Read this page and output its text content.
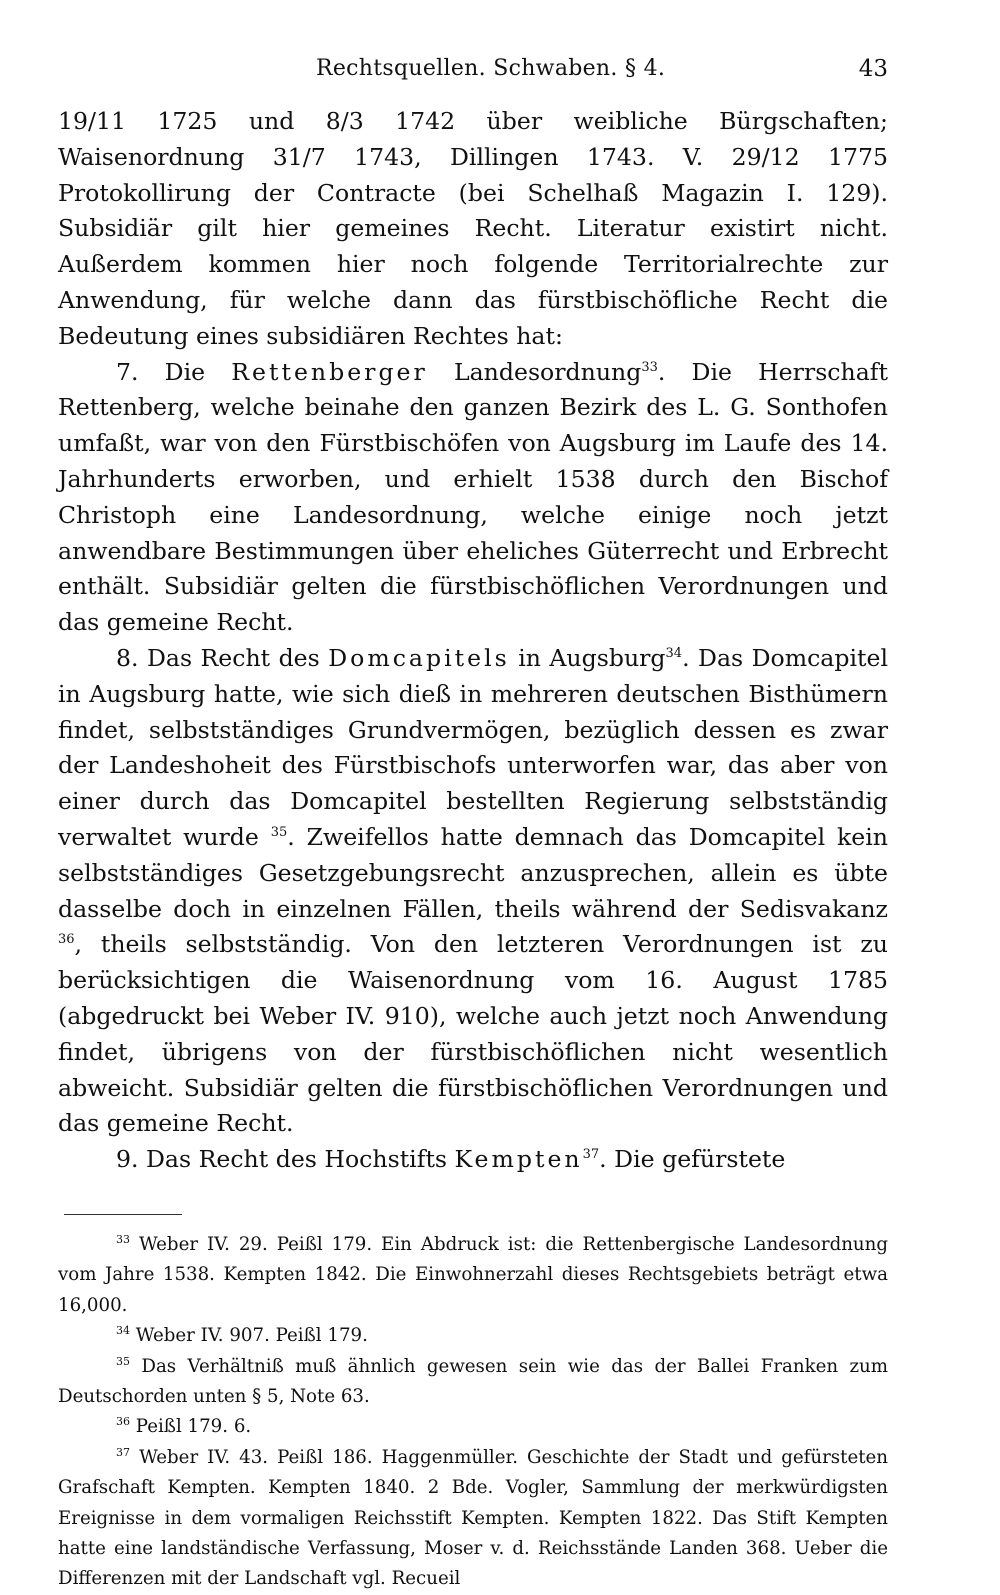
Rechtsquellen. Schwaben. § 4.	43

19/11 1725 und 8/3 1742 über weibliche Bürgschaften; Waisenordnung 31/7 1743, Dillingen 1743. V. 29/12 1775 Protokollirung der Contracte (bei Schelhaß Magazin I. 129). Subsidiär gilt hier gemeines Recht. Literatur existirt nicht. Außerdem kommen hier noch folgende Territorialrechte zur Anwendung, für welche dann das fürstbischöfliche Recht die Bedeutung eines subsidiären Rechtes hat:

7. Die Rettenberger Landesordnung$^{33}$. Die Herrschaft Rettenberg, welche beinahe den ganzen Bezirk des L. G. Sonthofen umfaßt, war von den Fürstbischöfen von Augsburg im Laufe des 14. Jahrhunderts erworben, und erhielt 1538 durch den Bischof Christoph eine Landesordnung, welche einige noch jetzt anwendbare Bestimmungen über eheliches Güterrecht und Erbrecht enthält. Subsidiär gelten die fürstbischöflichen Verordnungen und das gemeine Recht.

8. Das Recht des Domcapitels in Augsburg$^{34}$. Das Domcapitel in Augsburg hatte, wie sich dieß in mehreren deutschen Bisthümern findet, selbstständiges Grundvermögen, bezüglich dessen es zwar der Landeshoheit des Fürstbischofs unterworfen war, das aber von einer durch das Domcapitel bestellten Regierung selbstständig verwaltet wurde $^{35}$. Zweifellos hatte demnach das Domcapitel kein selbstständiges Gesetzgebungsrecht anzusprechen, allein es übte dasselbe doch in einzelnen Fällen, theils während der Sedisvakanz $^{36}$, theils selbstständig. Von den letzteren Verordnungen ist zu berücksichtigen die Waisenordnung vom 16. August 1785 (abgedruckt bei Weber IV. 910), welche auch jetzt noch Anwendung findet, übrigens von der fürstbischöflichen nicht wesentlich abweicht. Subsidiär gelten die fürstbischöflichen Verordnungen und das gemeine Recht.

9. Das Recht des Hochstifts Kempten$^{37}$. Die gefürstete

$^{33}$ Weber IV. 29. Peißl 179. Ein Abdruck ist: die Rettenbergische Landesordnung vom Jahre 1538. Kempten 1842. Die Einwohnerzahl dieses Rechtsgebiets beträgt etwa 16,000.

$^{34}$ Weber IV. 907. Peißl 179.

$^{35}$ Das Verhältniß muß ähnlich gewesen sein wie das der Ballei Franken zum Deutschorden unten § 5, Note 63.

$^{36}$ Peißl 179. 6.

$^{37}$ Weber IV. 43. Peißl 186. Haggenmüller. Geschichte der Stadt und gefürsteten Grafschaft Kempten. Kempten 1840. 2 Bde. Vogler, Sammlung der merkwürdigsten Ereignisse in dem vormaligen Reichsstift Kempten. Kempten 1822. Das Stift Kempten hatte eine landständische Verfassung, Moser v. d. Reichsstände Landen 368. Ueber die Differenzen mit der Landschaft vgl. Recueil
